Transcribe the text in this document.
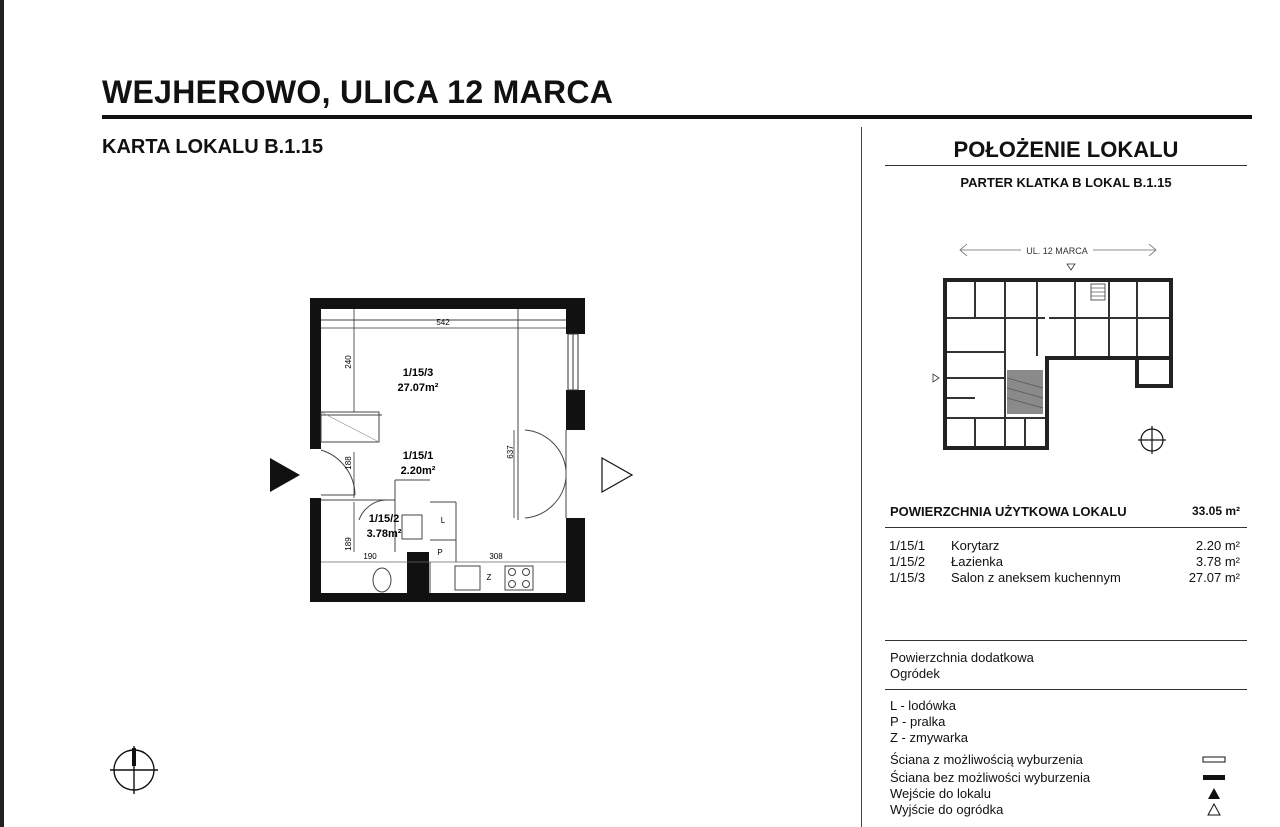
WEJHEROWO, ULICA 12 MARCA
KARTA LOKALU B.1.15
542
240
188
189
190	308
637
1/15/3
27.07m²
1/15/1
2.20m²
1/15/2
3.78m²
L
P
Z
POŁOŻENIE LOKALU
PARTER KLATKA B LOKAL B.1.15
UL. 12 MARCA
POWIERZCHNIA UŻYTKOWA LOKALU	33.05 m²
1/15/1 Korytarz	2.20 m²
1/15/2 Łazienka	3.78 m²
1/15/3 Salon z aneksem kuchennym	27.07 m²
Powierzchnia dodatkowa
Ogródek
L - lodówka
P - pralka
Z - zmywarka
Ściana z możliwością wyburzenia
Ściana bez możliwości wyburzenia
Wejście do lokalu
Wyjście do ogródka
